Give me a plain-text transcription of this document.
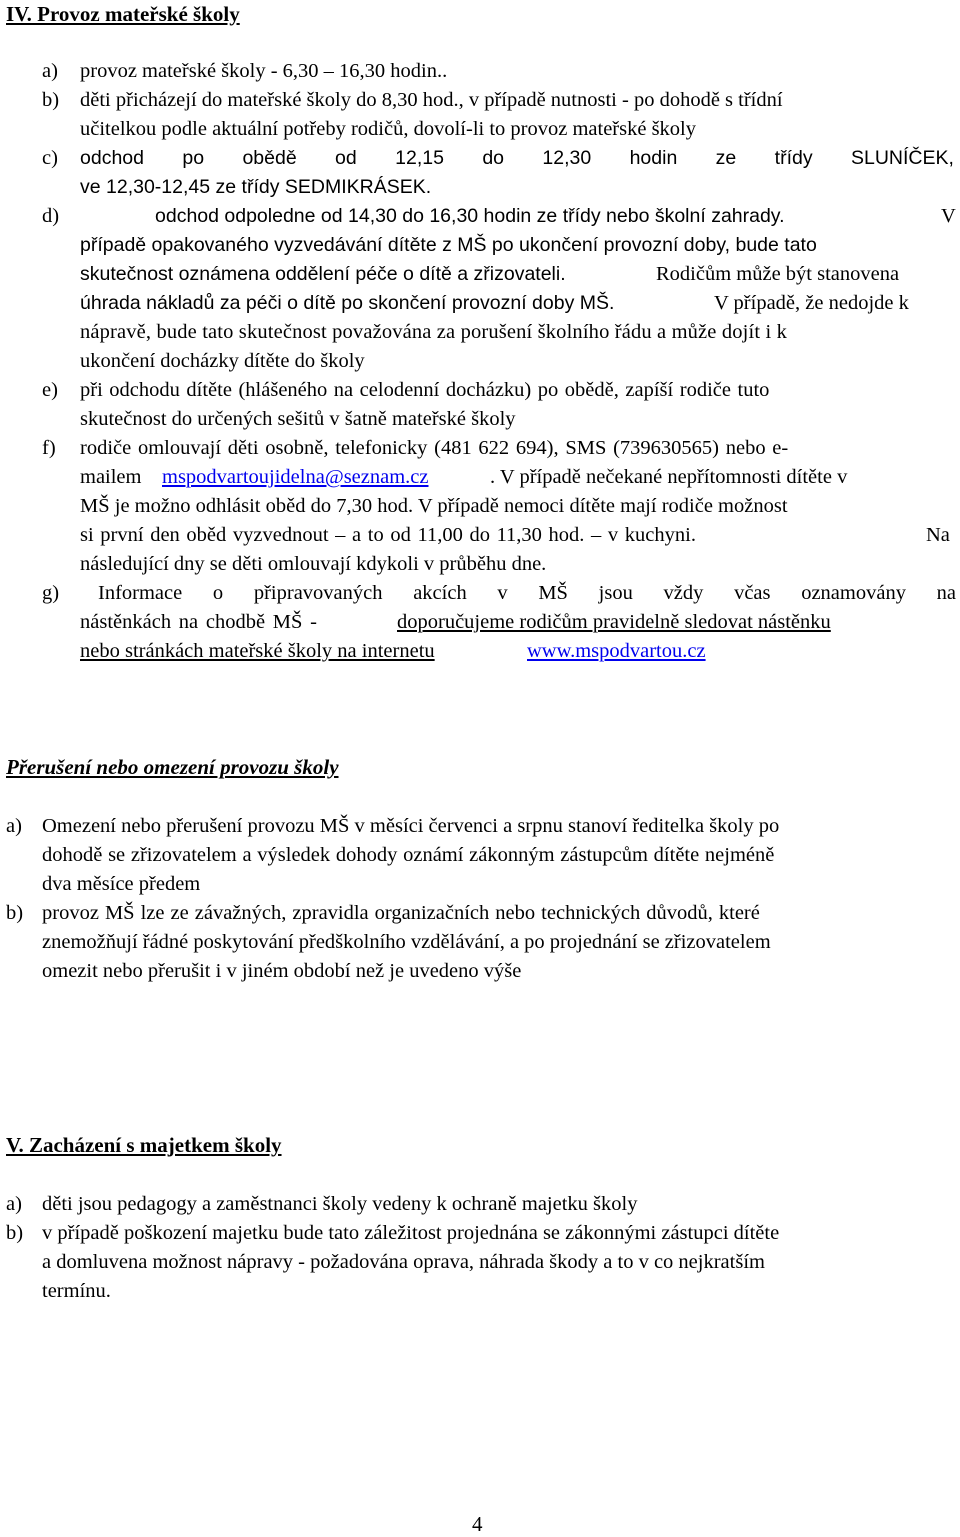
IV. Provoz mateřské školy
a) provoz mateřské školy - 6,30 – 16,30 hodin..
b) děti přicházejí do mateřské školy do 8,30 hod., v případě nutnosti - po dohodě s třídní
učitelkou podle aktuální potřeby rodičů, dovolí-li to provoz mateřské školy
c) odchod po obědě od 12,15 do 12,30 hodin ze třídy SLUNÍČEK,
ve 12,30-12,45 ze třídy SEDMIKRÁSEK.
d)	odchod odpoledne od 14,30 do 16,30 hodin ze třídy nebo školní zahrady.	V
případě opakovaného vyzvedávání dítěte z MŠ po ukončení provozní doby, bude tato
skutečnost oznámena oddělení péče o dítě a zřizovateli.	Rodičům může být stanovena
úhrada nákladů za péči o dítě po skončení provozní doby MŠ.	V případě, že nedojde k
nápravě, bude tato skutečnost považována za porušení školního řádu a může dojít i k
ukončení docházky dítěte do školy
e) při odchodu dítěte (hlášeného na celodenní docházku) po obědě, zapíší rodiče tuto
skutečnost do určených sešitů v šatně mateřské školy
f) rodiče omlouvají děti osobně, telefonicky (481 622 694), SMS (739630565) nebo e-
mailem mspodvartoujidelna@seznam.cz	. V případě nečekané nepřítomnosti dítěte v
MŠ je možno odhlásit oběd do 7,30 hod. V případě nemoci dítěte mají rodiče možnost
si první den oběd vyzvednout – a to od 11,00 do 11,30 hod. – v kuchyni.	Na
následující dny se děti omlouvají kdykoli v průběhu dne.
g) Informace o připravovaných akcích v MŠ jsou vždy včas oznamovány na
nástěnkách na chodbě MŠ -	doporučujeme rodičům pravidelně sledovat nástěnku
nebo stránkách mateřské školy na internetu	www.mspodvartou.cz
Přerušení nebo omezení provozu školy
a) Omezení nebo přerušení provozu MŠ v měsíci červenci a srpnu stanoví ředitelka školy po
dohodě se zřizovatelem a výsledek dohody oznámí zákonným zástupcům dítěte nejméně
dva měsíce předem
b) provoz MŠ lze ze závažných, zpravidla organizačních nebo technických důvodů, které
znemožňují řádné poskytování předškolního vzdělávání, a po projednání se zřizovatelem
omezit nebo přerušit i v jiném období než je uvedeno výše
V. Zacházení s majetkem školy
a) děti jsou pedagogy a zaměstnanci školy vedeny k ochraně majetku školy
b) v případě poškození majetku bude tato záležitost projednána se zákonnými zástupci dítěte
a domluvena možnost nápravy - požadována oprava, náhrada škody a to v co nejkratším
termínu.
4
